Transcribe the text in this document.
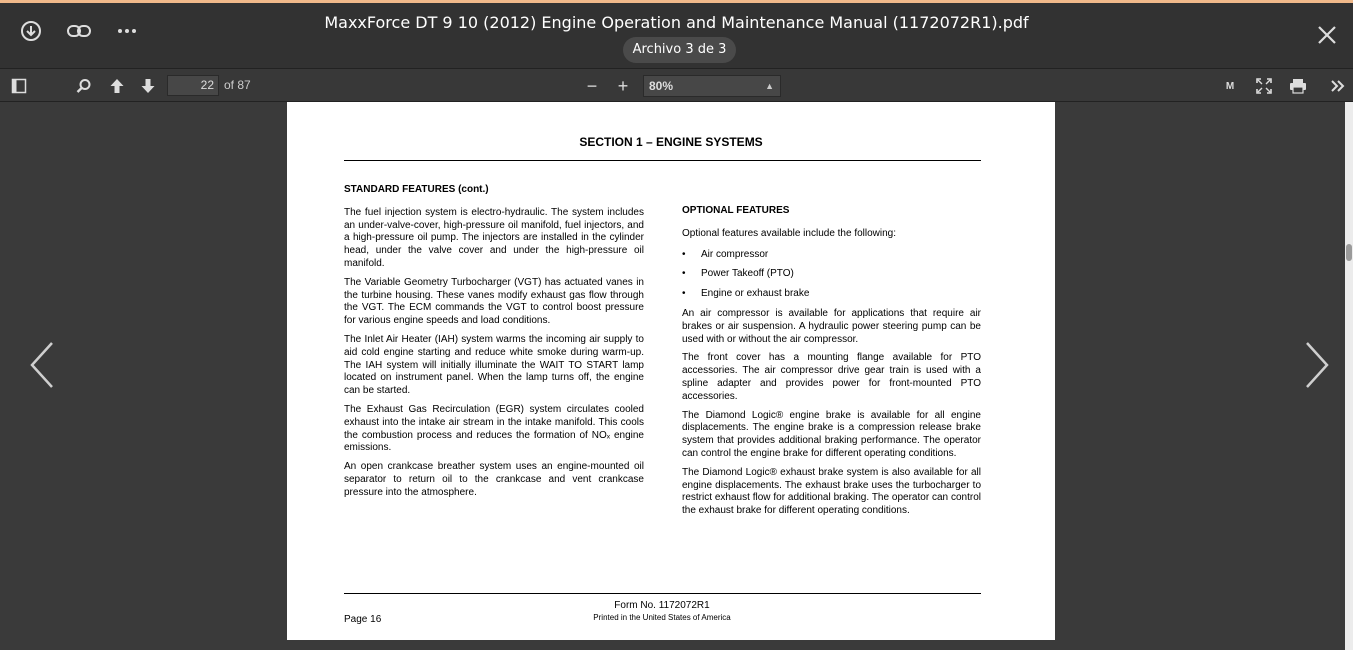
MaxxForce DT 9 10 (2012) Engine Operation and Maintenance Manual (1172072R1).pdf
Archivo 3 de 3
22 of 87	− +	80%	▲	M
SECTION 1 – ENGINE SYSTEMS
STANDARD FEATURES (cont.)

The fuel injection system is electro-hydraulic. The system includes an under-valve-cover, high-pressure oil manifold, fuel injectors, and a high-pressure oil pump. The injectors are installed in the cylinder head, under the valve cover and under the high-pressure oil manifold.

The Variable Geometry Turbocharger (VGT) has actuated vanes in the turbine housing. These vanes modify exhaust gas flow through the VGT. The ECM commands the VGT to control boost pressure for various engine speeds and load conditions.

The Inlet Air Heater (IAH) system warms the incoming air supply to aid cold engine starting and reduce white smoke during warm-up. The IAH system will initially illuminate the WAIT TO START lamp located on instrument panel. When the lamp turns off, the engine can be started.

The Exhaust Gas Recirculation (EGR) system circulates cooled exhaust into the intake air stream in the intake manifold. This cools the combustion process and reduces the formation of NOₓ engine emissions.

An open crankcase breather system uses an engine-mounted oil separator to return oil to the crankcase and vent crankcase pressure into the atmosphere.

OPTIONAL FEATURES

Optional features available include the following:

• Air compressor
• Power Takeoff (PTO)
• Engine or exhaust brake

An air compressor is available for applications that require air brakes or air suspension. A hydraulic power steering pump can be used with or without the air compressor.

The front cover has a mounting flange available for PTO accessories. The air compressor drive gear train is used with a spline adapter and provides power for front-mounted PTO accessories.

The Diamond Logic® engine brake is available for all engine displacements. The engine brake is a compression release brake system that provides additional braking performance. The operator can control the engine brake for different operating conditions.

The Diamond Logic® exhaust brake system is also available for all engine displacements. The exhaust brake uses the turbocharger to restrict exhaust flow for additional braking. The operator can control the exhaust brake for different operating conditions.

Page 16
Form No. 1172072R1
Printed in the United States of America
